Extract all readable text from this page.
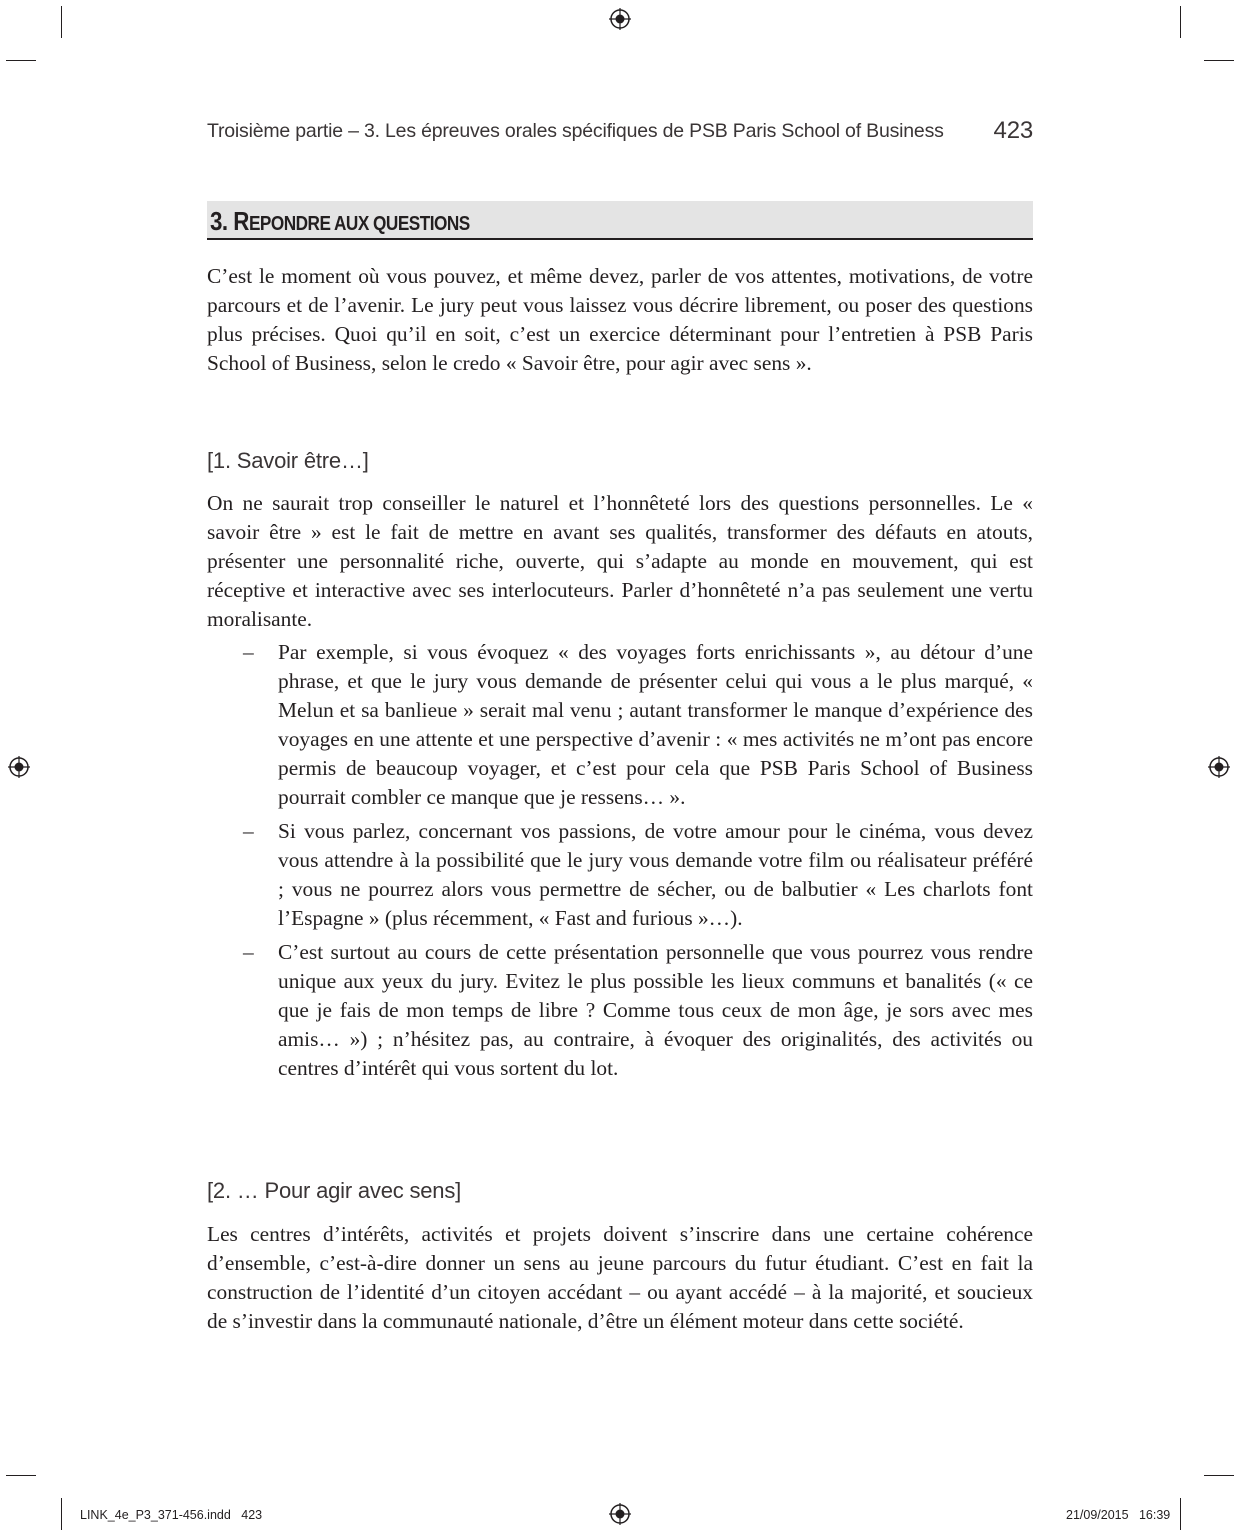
Troisième partie – 3. Les épreuves orales spécifiques de PSB Paris School of Business 423
3. REPONDRE AUX QUESTIONS

C’est le moment où vous pouvez, et même devez, parler de vos attentes, motivations, de votre parcours et de l’avenir. Le jury peut vous laissez vous décrire librement, ou poser des questions plus précises. Quoi qu’il en soit, c’est un exercice déterminant pour l’entretien à PSB Paris School of Business, selon le credo « Savoir être, pour agir avec sens ».

[1. Savoir être…]

On ne saurait trop conseiller le naturel et l’honnêteté lors des questions personnelles. Le « savoir être » est le fait de mettre en avant ses qualités, transformer des défauts en atouts, présenter une personnalité riche, ouverte, qui s’adapte au monde en mouvement, qui est réceptive et interactive avec ses interlocuteurs. Parler d’honnêteté n’a pas seulement une vertu moralisante.

– Par exemple, si vous évoquez « des voyages forts enrichissants », au détour d’une phrase, et que le jury vous demande de présenter celui qui vous a le plus marqué, « Melun et sa banlieue » serait mal venu ; autant transformer le manque d’expérience des voyages en une attente et une perspective d’avenir : « mes activités ne m’ont pas encore permis de beaucoup voyager, et c’est pour cela que PSB Paris School of Business pourrait combler ce manque que je ressens… ».

– Si vous parlez, concernant vos passions, de votre amour pour le cinéma, vous devez vous attendre à la possibilité que le jury vous demande votre film ou réalisateur préféré ; vous ne pourrez alors vous permettre de sécher, ou de balbutier « Les charlots font l’Espagne » (plus récemment, « Fast and furious »…).

– C’est surtout au cours de cette présentation personnelle que vous pourrez vous rendre unique aux yeux du jury. Evitez le plus possible les lieux communs et banalités (« ce que je fais de mon temps de libre ? Comme tous ceux de mon âge, je sors avec mes amis… ») ; n’hésitez pas, au contraire, à évoquer des originalités, des activités ou centres d’intérêt qui vous sortent du lot.

[2. … Pour agir avec sens]

Les centres d’intérêts, activités et projets doivent s’inscrire dans une certaine cohérence d’ensemble, c’est-à-dire donner un sens au jeune parcours du futur étudiant. C’est en fait la construction de l’identité d’un citoyen accédant – ou ayant accédé – à la majorité, et soucieux de s’investir dans la communauté nationale, d’être un élément moteur dans cette société.

LINK_4e_P3_371-456.indd   423	21/09/2015   16:39
